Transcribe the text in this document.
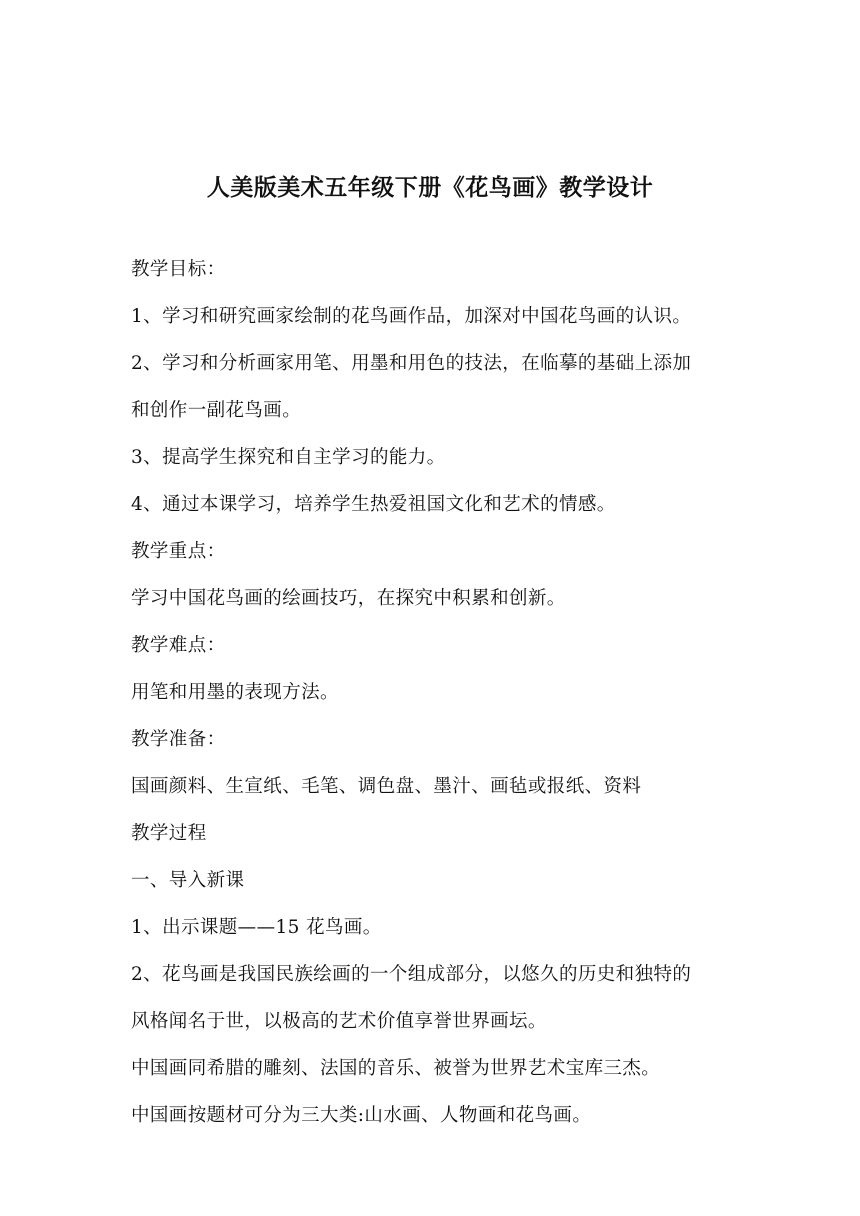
人美版美术五年级下册《花鸟画》教学设计
教学目标：
1、学习和研究画家绘制的花鸟画作品，加深对中国花鸟画的认识。
2、学习和分析画家用笔、用墨和用色的技法，在临摹的基础上添加
和创作一副花鸟画。
3、提高学生探究和自主学习的能力。
4、通过本课学习，培养学生热爱祖国文化和艺术的情感。
教学重点：
学习中国花鸟画的绘画技巧，在探究中积累和创新。
教学难点：
用笔和用墨的表现方法。
教学准备：
国画颜料、生宣纸、毛笔、调色盘、墨汁、画毡或报纸、资料
教学过程
一、导入新课
1、出示课题——15 花鸟画。
2、花鸟画是我国民族绘画的一个组成部分，以悠久的历史和独特的
风格闻名于世，以极高的艺术价值享誉世界画坛。
中国画同希腊的雕刻、法国的音乐、被誉为世界艺术宝库三杰。
中国画按题材可分为三大类:山水画、人物画和花鸟画。
